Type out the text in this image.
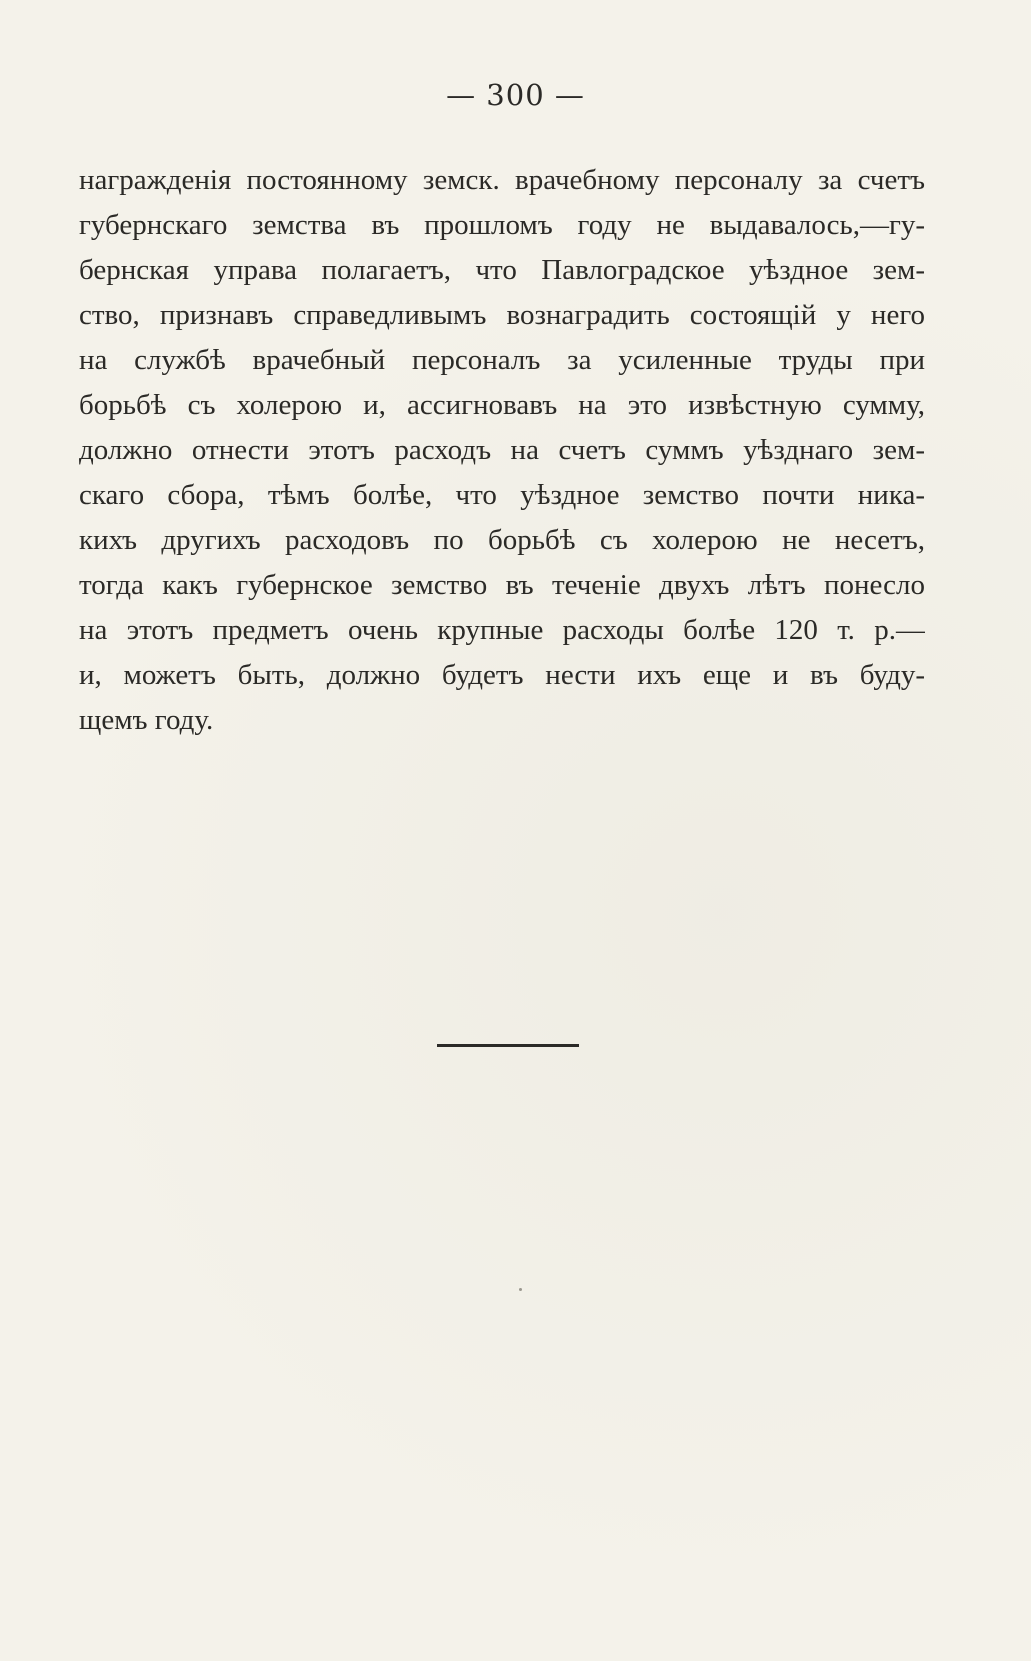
— 300 —
награжденія постоянному земск. врачебному персоналу за счетъ
губернскаго земства въ прошломъ году не выдавалось,—гу-
бернская управа полагаетъ, что Павлоградское уѣздное зем-
ство, признавъ справедливымъ вознаградить состоящій у него
на службѣ врачебный персоналъ за усиленные труды при
борьбѣ съ холерою и, ассигновавъ на это извѣстную сумму,
должно отнести этотъ расходъ на счетъ суммъ уѣзднаго зем-
скаго сбора, тѣмъ болѣе, что уѣздное земство почти ника-
кихъ другихъ расходовъ по борьбѣ съ холерою не несетъ,
тогда какъ губернское земство въ теченіе двухъ лѣтъ понесло
на этотъ предметъ очень крупные расходы болѣе 120 т. р.—
и, можетъ быть, должно будетъ нести ихъ еще и въ буду-
щемъ году.
